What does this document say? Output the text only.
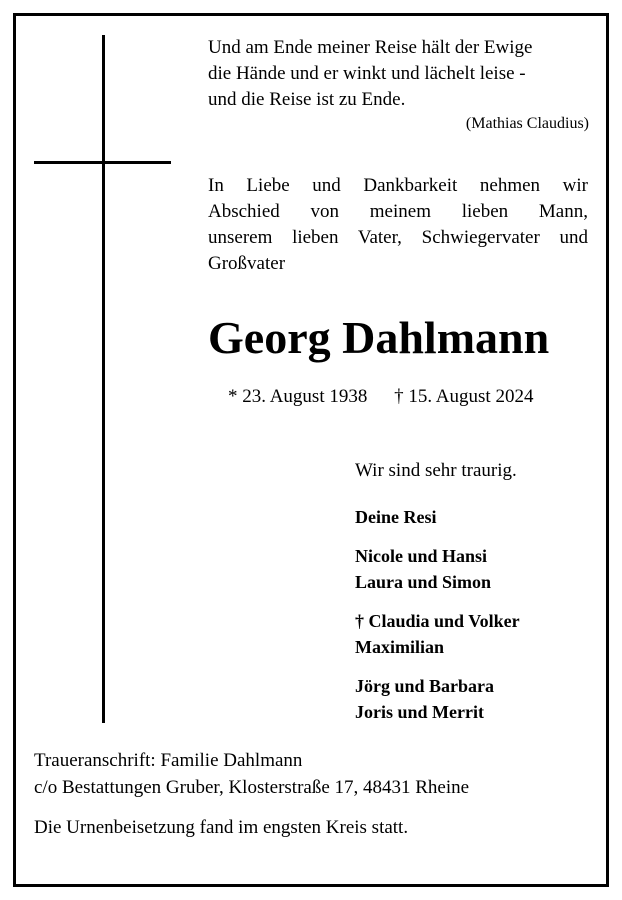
Und am Ende meiner Reise hält der Ewige
die Hände und er winkt und lächelt leise -
und die Reise ist zu Ende.
(Mathias Claudius)
In Liebe und Dankbarkeit nehmen wir
Abschied von meinem lieben Mann,
unserem lieben Vater, Schwiegervater und
Großvater
Georg Dahlmann
* 23. August 1938 † 15. August 2024
Wir sind sehr traurig.
Deine Resi
Nicole und Hansi
Laura und Simon
† Claudia und Volker
Maximilian
Jörg und Barbara
Joris und Merrit
Traueranschrift: Familie Dahlmann
c/o Bestattungen Gruber, Klosterstraße 17, 48431 Rheine
Die Urnenbeisetzung fand im engsten Kreis statt.
